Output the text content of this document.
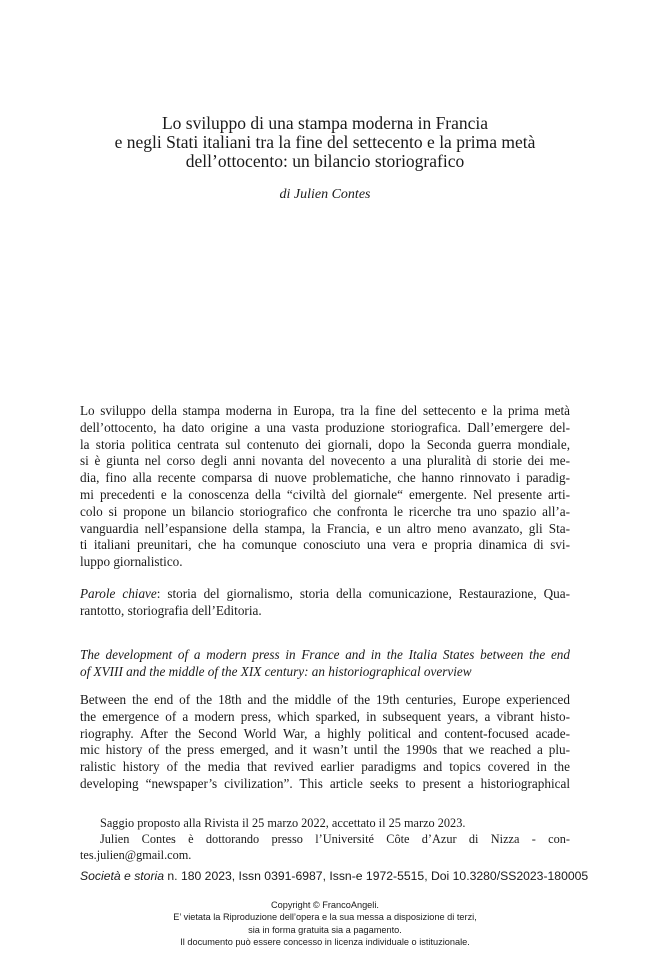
Lo sviluppo di una stampa moderna in Francia
e negli Stati italiani tra la fine del settecento e la prima metà
dell’ottocento: un bilancio storiografico
di Julien Contes
Lo sviluppo della stampa moderna in Europa, tra la fine del settecento e la prima metà
dell’ottocento, ha dato origine a una vasta produzione storiografica. Dall’emergere del-
la storia politica centrata sul contenuto dei giornali, dopo la Seconda guerra mondiale,
si è giunta nel corso degli anni novanta del novecento a una pluralità di storie dei me-
dia, fino alla recente comparsa di nuove problematiche, che hanno rinnovato i paradig-
mi precedenti e la conoscenza della “civiltà del giornale“ emergente. Nel presente arti-
colo si propone un bilancio storiografico che confronta le ricerche tra uno spazio all’a-
vanguardia nell’espansione della stampa, la Francia, e un altro meno avanzato, gli Sta-
ti italiani preunitari, che ha comunque conosciuto una vera e propria dinamica di svi-
luppo giornalistico.
Parole chiave: storia del giornalismo, storia della comunicazione, Restaurazione, Qua-
rantotto, storiografia dell’Editoria.
The development of a modern press in France and in the Italia States between the end
of XVIII and the middle of the XIX century: an historiographical overview
Between the end of the 18th and the middle of the 19th centuries, Europe experienced
the emergence of a modern press, which sparked, in subsequent years, a vibrant histo-
riography. After the Second World War, a highly political and content-focused acade-
mic history of the press emerged, and it wasn’t until the 1990s that we reached a plu-
ralistic history of the media that revived earlier paradigms and topics covered in the
developing “newspaper’s civilization”. This article seeks to present a historiographical
Saggio proposto alla Rivista il 25 marzo 2022, accettato il 25 marzo 2023.
Julien Contes è dottorando presso l’Université Côte d’Azur di Nizza - con-
tes.julien@gmail.com.
Società e storia n. 180 2023, Issn 0391-6987, Issn-e 1972-5515, Doi 10.3280/SS2023-180005
Copyright © FrancoAngeli.
E’ vietata la Riproduzione dell’opera e la sua messa a disposizione di terzi,
sia in forma gratuita sia a pagamento.
Il documento può essere concesso in licenza individuale o istituzionale.
